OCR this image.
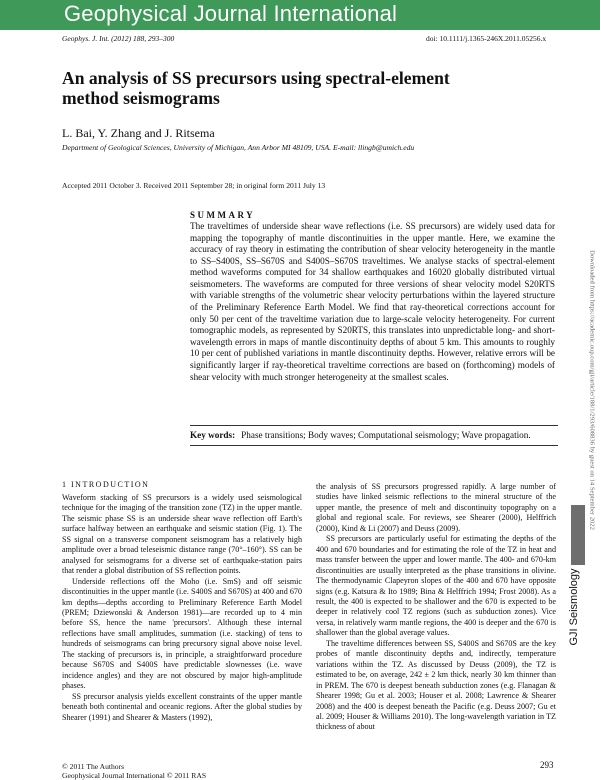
Geophysical Journal International
Geophys. J. Int. (2012) 188, 293–300	doi: 10.1111/j.1365-246X.2011.05256.x
An analysis of SS precursors using spectral-element method seismograms
L. Bai, Y. Zhang and J. Ritsema
Department of Geological Sciences, University of Michigan, Ann Arbor MI 48109, USA. E-mail: llingb@umich.edu
Accepted 2011 October 3. Received 2011 September 28; in original form 2011 July 13
SUMMARY
The traveltimes of underside shear wave reflections (i.e. SS precursors) are widely used data for mapping the topography of mantle discontinuities in the upper mantle. Here, we examine the accuracy of ray theory in estimating the contribution of shear velocity heterogeneity in the mantle to SS–S400S, SS–S670S and S400S–S670S traveltimes. We analyse stacks of spectral-element method waveforms computed for 34 shallow earthquakes and 16020 globally distributed virtual seismometers. The waveforms are computed for three versions of shear velocity model S20RTS with variable strengths of the volumetric shear velocity perturbations within the layered structure of the Preliminary Reference Earth Model. We find that ray-theoretical corrections account for only 50 per cent of the traveltime variation due to large-scale velocity heterogeneity. For current tomographic models, as represented by S20RTS, this translates into unpredictable long- and short-wavelength errors in maps of mantle discontinuity depths of about 5 km. This amounts to roughly 10 per cent of published variations in mantle discontinuity depths. However, relative errors will be significantly larger if ray-theoretical traveltime corrections are based on (forthcoming) models of shear velocity with much stronger heterogeneity at the smallest scales.
Key words: Phase transitions; Body waves; Computational seismology; Wave propagation.
1 INTRODUCTION

Waveform stacking of SS precursors is a widely used seismological technique for the imaging of the transition zone (TZ) in the upper mantle. The seismic phase SS is an underside shear wave reflection off Earth's surface halfway between an earthquake and seismic station (Fig. 1). The SS signal on a transverse component seismogram has a relatively high amplitude over a broad teleseismic distance range (70°–160°). SS can be analysed for seismograms for a diverse set of earthquake-station pairs that render a global distribution of SS reflection points.

Underside reflections off the Moho (i.e. SmS) and off seismic discontinuities in the upper mantle (i.e. S400S and S670S) at 400 and 670 km depths—depths according to Preliminary Reference Earth Model (PREM; Dziewonski & Anderson 1981)—are recorded up to 4 min before SS, hence the name 'precursors'. Although these internal reflections have small amplitudes, summation (i.e. stacking) of tens to hundreds of seismograms can bring precursory signal above noise level. The stacking of precursors is, in principle, a straightforward procedure because S670S and S400S have predictable slownesses (i.e. wave incidence angles) and they are not obscured by major high-amplitude phases.

SS precursor analysis yields excellent constraints of the upper mantle beneath both continental and oceanic regions. After the global studies by Shearer (1991) and Shearer & Masters (1992),

the analysis of SS precursors progressed rapidly. A large number of studies have linked seismic reflections to the mineral structure of the upper mantle, the presence of melt and discontinuity topography on a global and regional scale. For reviews, see Shearer (2000), Helffrich (2000), Kind & Li (2007) and Deuss (2009).

SS precursors are particularly useful for estimating the depths of the 400 and 670 boundaries and for estimating the role of the TZ in heat and mass transfer between the upper and lower mantle. The 400- and 670-km discontinuities are usually interpreted as the phase transitions in olivine. The thermodynamic Clapeyron slopes of the 400 and 670 have opposite signs (e.g. Katsura & Ito 1989; Bina & Helffrich 1994; Frost 2008). As a result, the 400 is expected to be shallower and the 670 is expected to be deeper in relatively cool TZ regions (such as subduction zones). Vice versa, in relatively warm mantle regions, the 400 is deeper and the 670 is shallower than the global average values.

The traveltime differences between SS, S400S and S670S are the key probes of mantle discontinuity depths and, indirectly, temperature variations within the TZ. As discussed by Deuss (2009), the TZ is estimated to be, on average, 242 ± 2 km thick, nearly 30 km thinner than in PREM. The 670 is deepest beneath subduction zones (e.g. Flanagan & Shearer 1998; Gu et al. 2003; Houser et al. 2008; Lawrence & Shearer 2008) and the 400 is deepest beneath the Pacific (e.g. Deuss 2007; Gu et al. 2009; Houser & Williams 2010). The long-wavelength variation in TZ thickness of about

© 2011 The Authors
Geophysical Journal International © 2011 RAS
293
Downloaded from https://academic.oup.com/gji/article/188/1/293/608836 by guest on 14 September 2022
GJI Seismology
